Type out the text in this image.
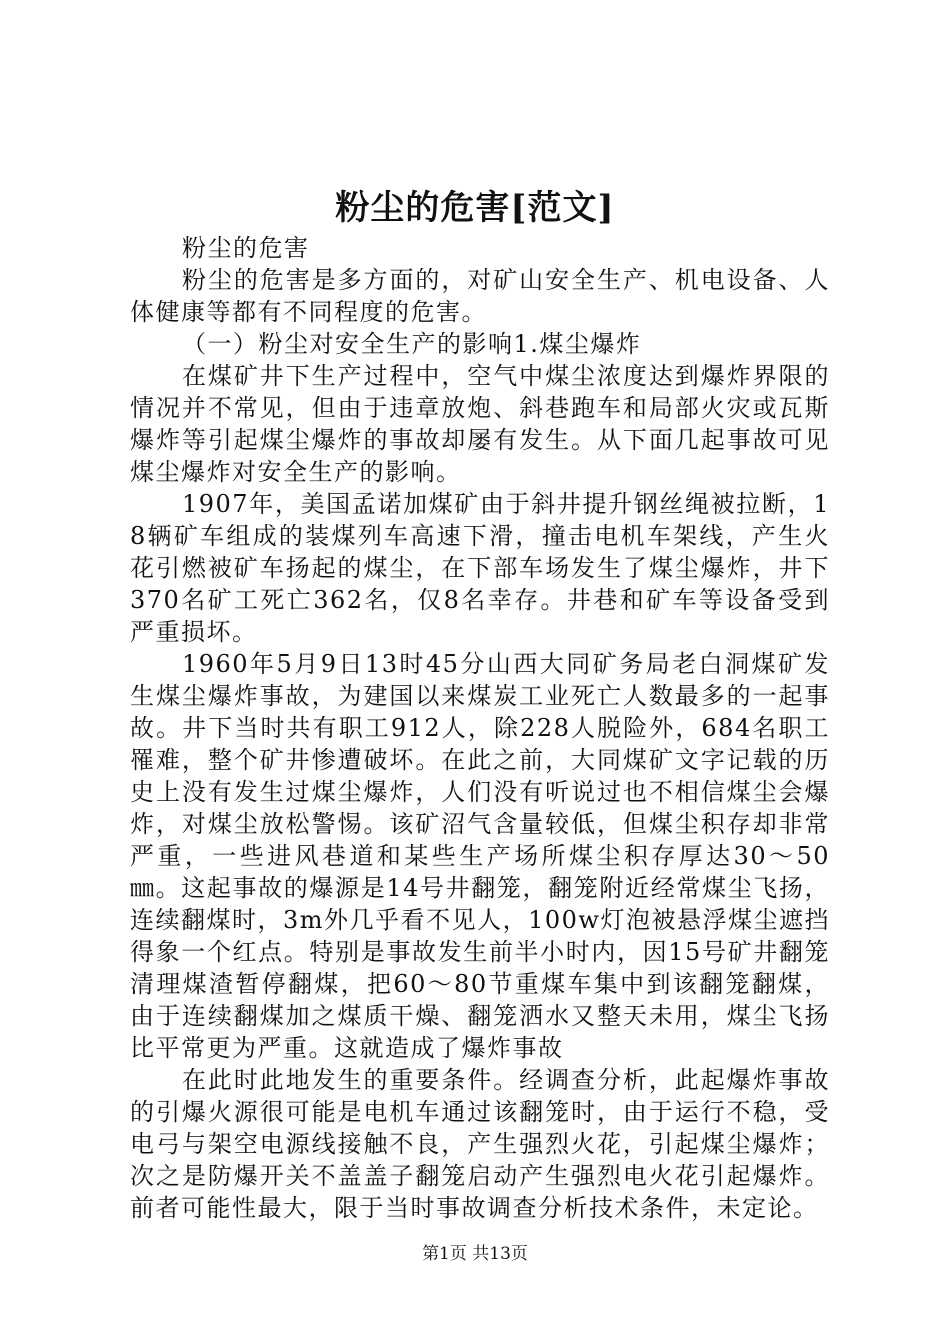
粉尘的危害[范文]

粉尘的危害

粉尘的危害是多方面的，对矿山安全生产、机电设备、人体健康等都有不同程度的危害。

（一）粉尘对安全生产的影响1.煤尘爆炸

在煤矿井下生产过程中，空气中煤尘浓度达到爆炸界限的情况并不常见，但由于违章放炮、斜巷跑车和局部火灾或瓦斯爆炸等引起煤尘爆炸的事故却屡有发生。从下面几起事故可见煤尘爆炸对安全生产的影响。

1907年，美国孟诺加煤矿由于斜井提升钢丝绳被拉断，18辆矿车组成的装煤列车高速下滑，撞击电机车架线，产生火花引燃被矿车扬起的煤尘，在下部车场发生了煤尘爆炸，井下370名矿工死亡362名，仅8名幸存。井巷和矿车等设备受到严重损坏。

1960年5月9日13时45分山西大同矿务局老白洞煤矿发生煤尘爆炸事故，为建国以来煤炭工业死亡人数最多的一起事故。井下当时共有职工912人，除228人脱险外，684名职工罹难，整个矿井惨遭破坏。在此之前，大同煤矿文字记载的历史上没有发生过煤尘爆炸，人们没有听说过也不相信煤尘会爆炸，对煤尘放松警惕。该矿沼气含量较低，但煤尘积存却非常严重，一些进风巷道和某些生产场所煤尘积存厚达30～50㎜。这起事故的爆源是14号井翻笼，翻笼附近经常煤尘飞扬，连续翻煤时，3m外几乎看不见人，100w灯泡被悬浮煤尘遮挡得象一个红点。特别是事故发生前半小时内，因15号矿井翻笼清理煤渣暂停翻煤，把60～80节重煤车集中到该翻笼翻煤，由于连续翻煤加之煤质干燥、翻笼洒水又整天未用，煤尘飞扬比平常更为严重。这就造成了爆炸事故

在此时此地发生的重要条件。经调查分析，此起爆炸事故的引爆火源很可能是电机车通过该翻笼时，由于运行不稳，受电弓与架空电源线接触不良，产生强烈火花，引起煤尘爆炸；次之是防爆开关不盖盖子翻笼启动产生强烈电火花引起爆炸。前者可能性最大，限于当时事故调查分析技术条件，未定论。

第1页 共13页
